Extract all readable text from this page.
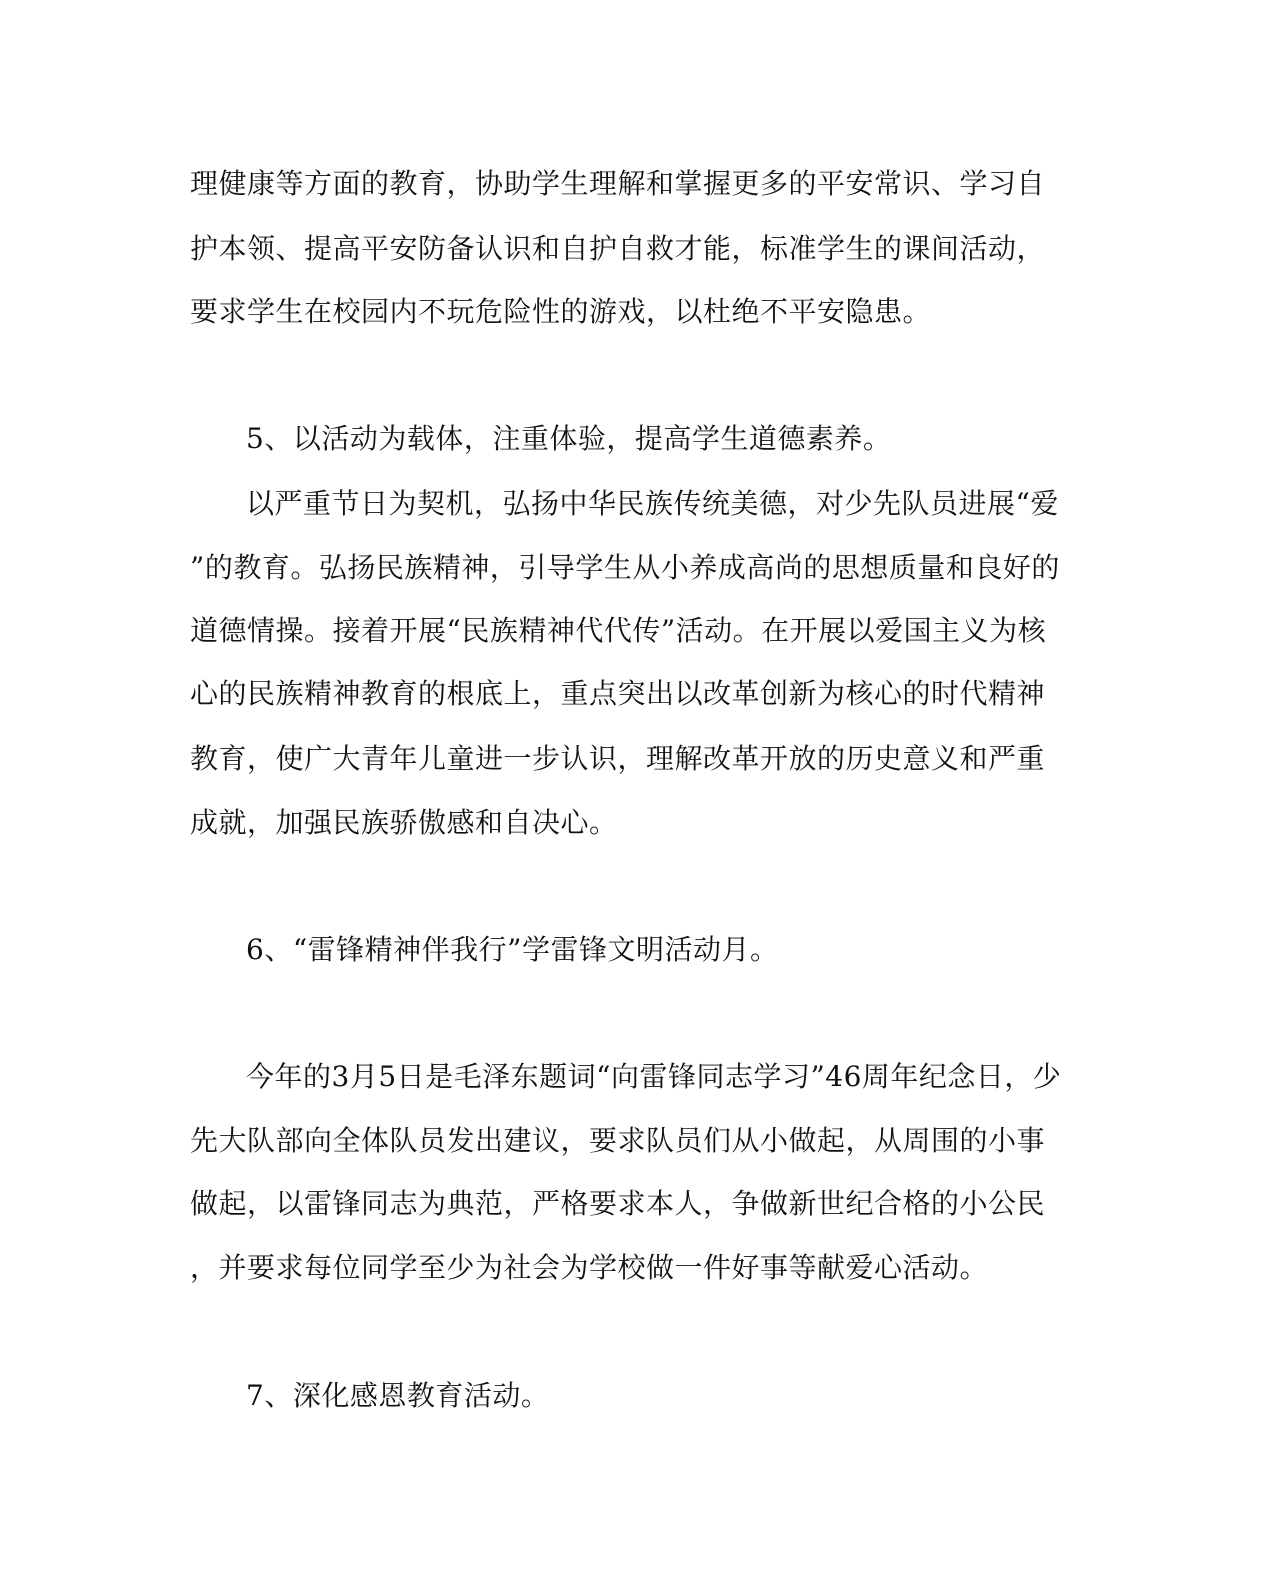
理健康等方面的教育，协助学生理解和掌握更多的平安常识、学习自
护本领、提高平安防备认识和自护自救才能，标准学生的课间活动，
要求学生在校园内不玩危险性的游戏，以杜绝不平安隐患。
5、以活动为载体，注重体验，提高学生道德素养。
以严重节日为契机，弘扬中华民族传统美德，对少先队员进展“爱
”的教育。弘扬民族精神，引导学生从小养成高尚的思想质量和良好的
道德情操。接着开展“民族精神代代传”活动。在开展以爱国主义为核
心的民族精神教育的根底上，重点突出以改革创新为核心的时代精神
教育，使广大青年儿童进一步认识，理解改革开放的历史意义和严重
成就，加强民族骄傲感和自决心。
6、“雷锋精神伴我行”学雷锋文明活动月。
今年的3月5日是毛泽东题词“向雷锋同志学习”46周年纪念日，少
先大队部向全体队员发出建议，要求队员们从小做起，从周围的小事
做起，以雷锋同志为典范，严格要求本人，争做新世纪合格的小公民
，并要求每位同学至少为社会为学校做一件好事等献爱心活动。
7、深化感恩教育活动。
